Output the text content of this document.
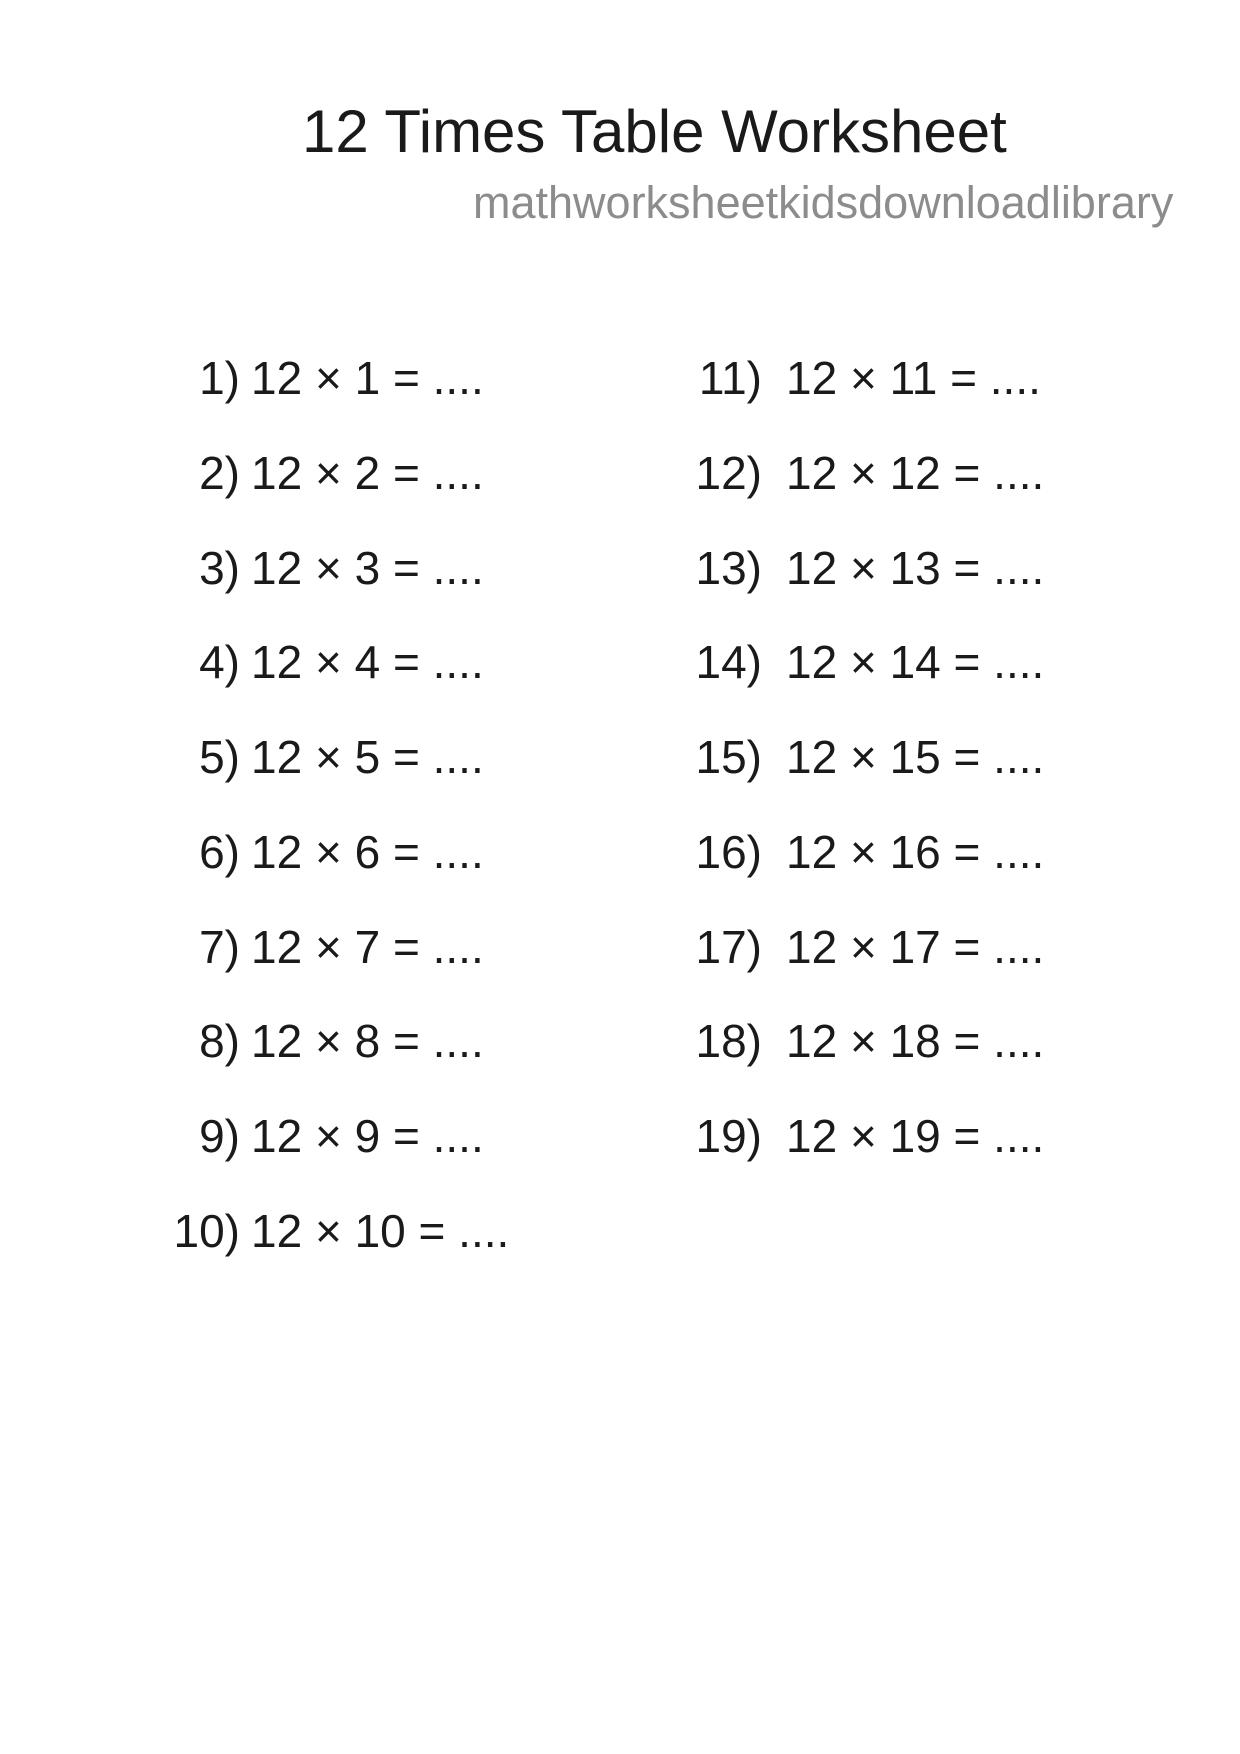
12 Times Table Worksheet
mathworksheetkidsdownloadlibrary
1) 12 × 1 = ....
2) 12 × 2 = ....
3) 12 × 3 = ....
4) 12 × 4 = ....
5) 12 × 5 = ....
6) 12 × 6 = ....
7) 12 × 7 = ....
8) 12 × 8 = ....
9) 12 × 9 = ....
10) 12 × 10 = ....
11) 12 × 11 = ....
12) 12 × 12 = ....
13) 12 × 13 = ....
14) 12 × 14 = ....
15) 12 × 15 = ....
16) 12 × 16 = ....
17) 12 × 17 = ....
18) 12 × 18 = ....
19) 12 × 19 = ....
